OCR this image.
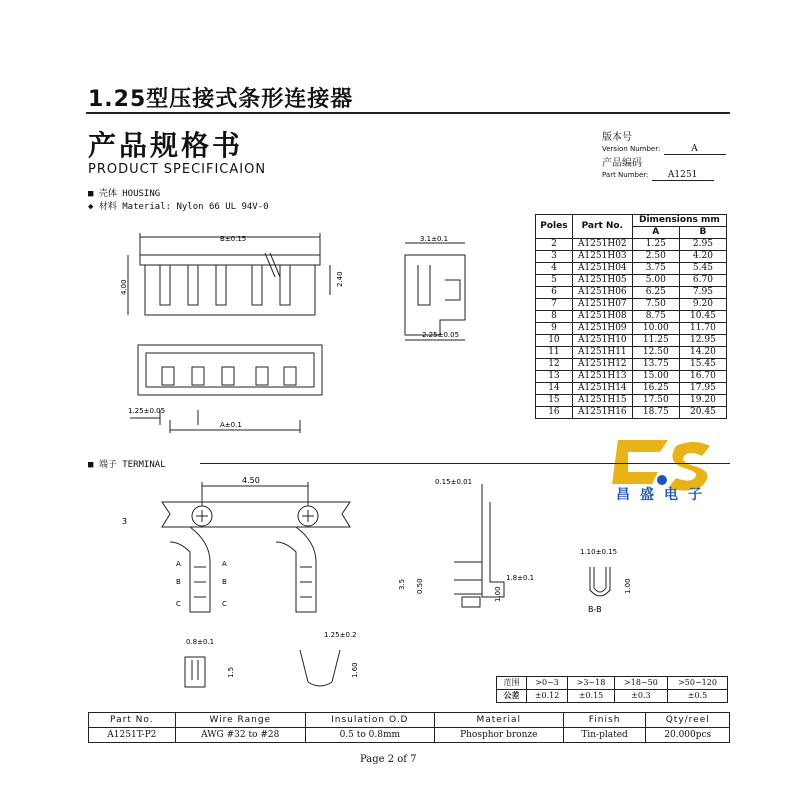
1.25型压接式条形连接器
产品规格书
PRODUCT SPECIFICAION
版本号
Version Number:	A
产品编码
Part Number: A1251
■ 壳体 HOUSING
◆ 材料 Material: Nylon 66 UL 94V-0
B±0.15
A±0.1
1.25±0.05
4.00
2.40
3.1±0.1
2.25±0.05
Poles	Part No.	Dimensions mm	
		A	B
2	A1251H02	1.25	2.95
3	A1251H03	2.50	4.20
4	A1251H04	3.75	5.45
5	A1251H05	5.00	6.70
6	A1251H06	6.25	7.95
7	A1251H07	7.50	9.20
8	A1251H08	8.75	10.45
9	A1251H09	10.00	11.70
10	A1251H10	11.25	12.95
11	A1251H11	12.50	14.20
12	A1251H12	13.75	15.45
13	A1251H13	15.00	16.70
14	A1251H14	16.25	17.95
15	A1251H15	17.50	19.20
16	A1251H16	18.75	20.45
昌盛电子
■ 端子 TERMINAL
4.50
3
0.15±0.01
3.5 0.50
1.00
1.8±0.1
1.10±0.15
1.00
B-B
0.8±0.1
1.5
1.25±0.2
1.60
A	A
B	B
C	C
范围	>0~3	>3~18	>18~50	>50~120
公差	±0.12	±0.15	±0.3	±0.5
Part No.	Wire Range	Insulation O.D	Material	Finish	Qty/reel
A1251T-P2	AWG #32 to #28	0.5 to 0.8mm	Phosphor bronze	Tin-plated	20.000pcs
Page 2 of 7
